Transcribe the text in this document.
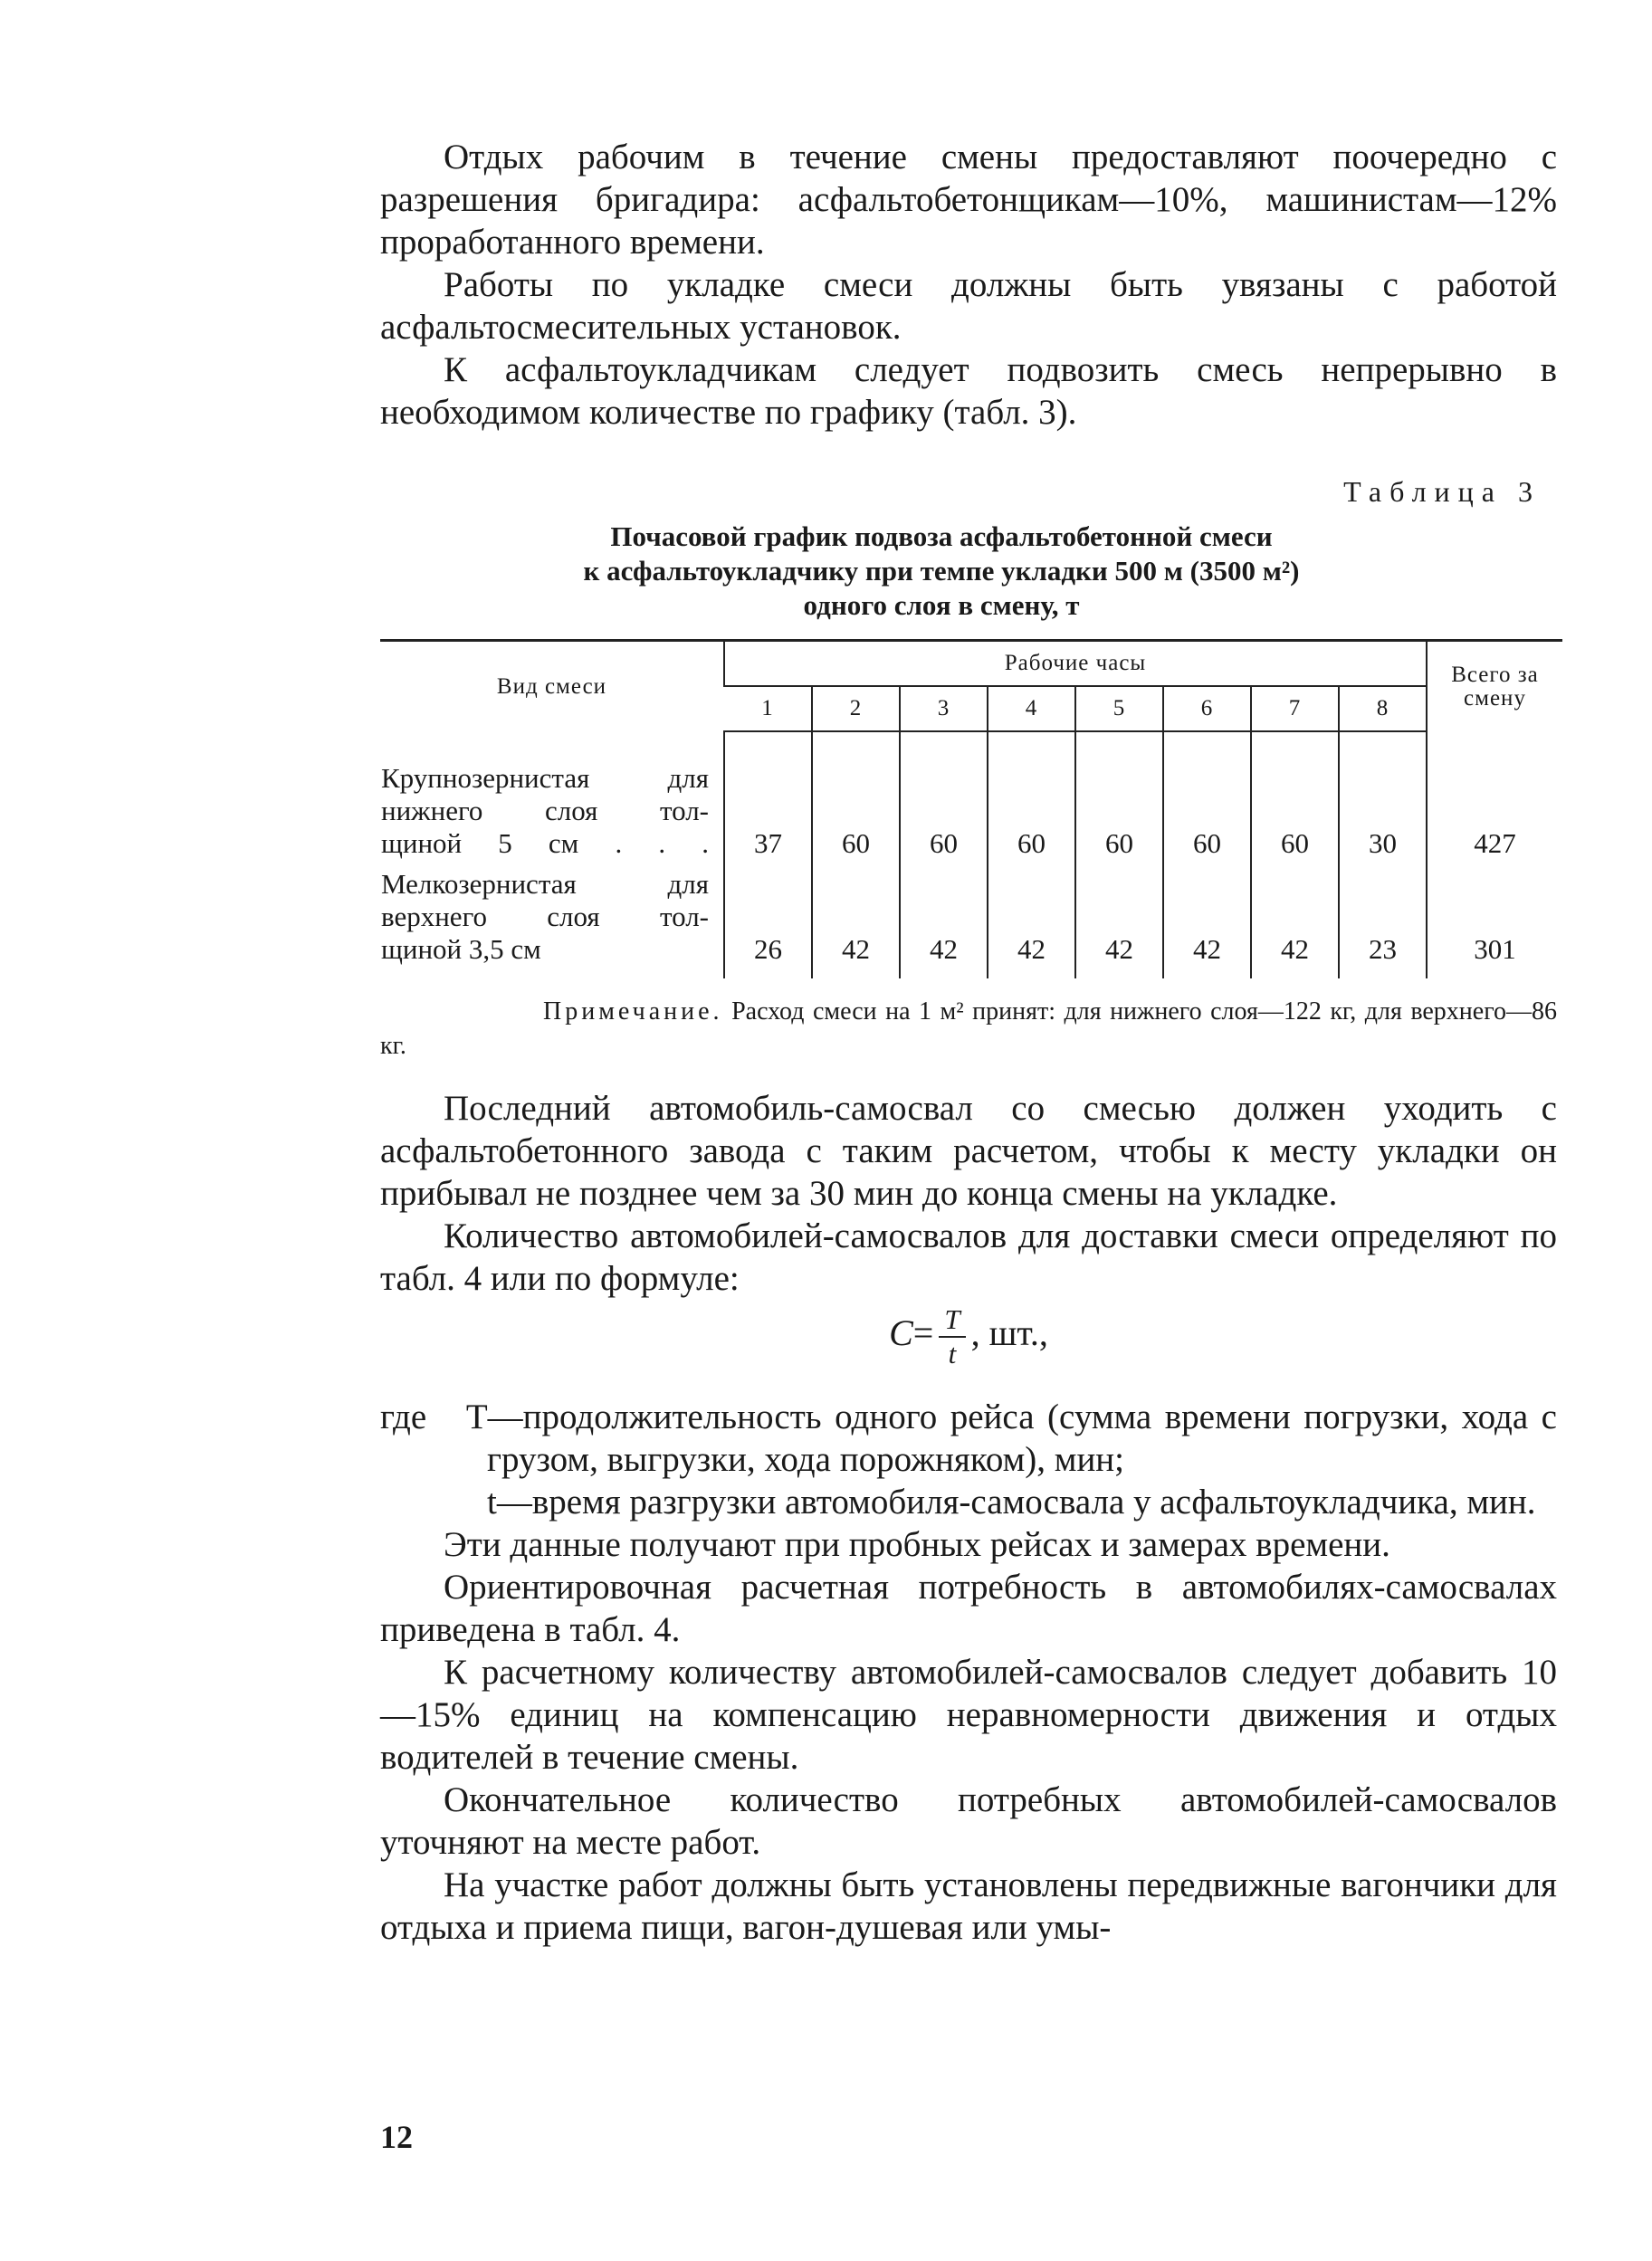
Отдых рабочим в течение смены предоставляют поочередно с разрешения бригадира: асфальтобетонщикам—10%, машинистам—12% проработанного времени.

Работы по укладке смеси должны быть увязаны с работой асфальтосмесительных установок.

К асфальтоукладчикам следует подвозить смесь непрерывно в необходимом количестве по графику (табл. 3).

Таблица 3
Почасовой график подвоза асфальтобетонной смеси
к асфальтоукладчику при темпе укладки 500 м (3500 м²)
одного слоя в смену, т
Вид смеси	Рабочие часы								Всего за смену
	1	2	3	4	5	6	7	8	

Крупнозернистая для
нижнего слоя тол-
щиной 5 см . . .	37	60	60	60	60	60	60	30	427

Мелкозернистая для
верхнего слоя тол-
щиной 3,5 см	26	42	42	42	42	42	42	23	301
Примечание. Расход смеси на 1 м² принят: для нижнего слоя—122 кг, для верхнего—86 кг.

Последний автомобиль-самосвал со смесью должен уходить с асфальтобетонного завода с таким расчетом, чтобы к месту укладки он прибывал не позднее чем за 30 мин до конца смены на укладке.

Количество автомобилей-самосвалов для доставки смеси определяют по табл. 4 или по формуле:

$C= \frac{T}{t}$ , шт.,
где T—продолжительность одного рейса (сумма времени погрузки, хода с грузом, выгрузки, хода порожняком), мин;
t—время разгрузки автомобиля-самосвала у асфальтоукладчика, мин.

Эти данные получают при пробных рейсах и замерах времени.

Ориентировочная расчетная потребность в автомобилях-самосвалах приведена в табл. 4.

К расчетному количеству автомобилей-самосвалов следует добавить 10—15% единиц на компенсацию неравномерности движения и отдых водителей в течение смены.

Окончательное количество потребных автомобилей-самосвалов уточняют на месте работ.

На участке работ должны быть установлены передвижные вагончики для отдыха и приема пищи, вагон-душевая или умы-

12
